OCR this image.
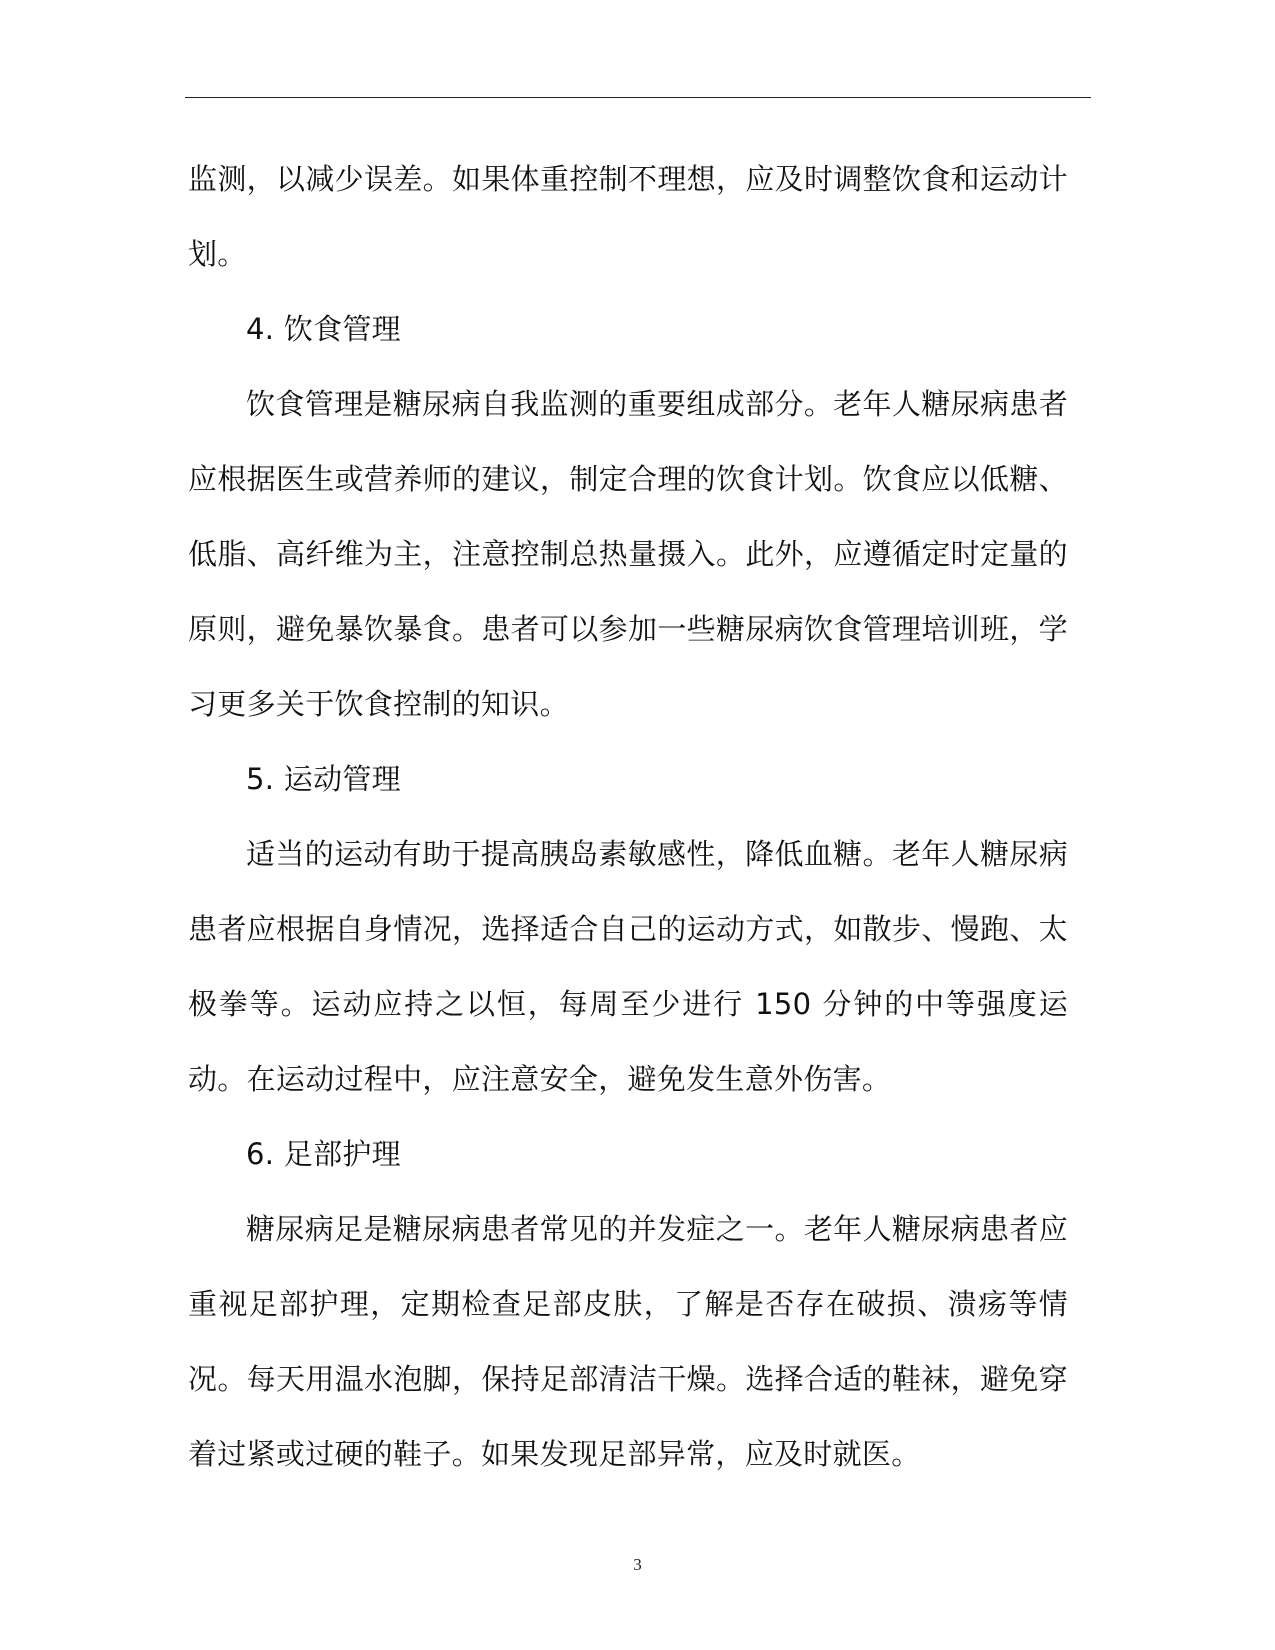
监测，以减少误差。如果体重控制不理想，应及时调整饮食和运动计划。

4. 饮食管理

饮食管理是糖尿病自我监测的重要组成部分。老年人糖尿病患者应根据医生或营养师的建议，制定合理的饮食计划。饮食应以低糖、低脂、高纤维为主，注意控制总热量摄入。此外，应遵循定时定量的原则，避免暴饮暴食。患者可以参加一些糖尿病饮食管理培训班，学习更多关于饮食控制的知识。

5. 运动管理

适当的运动有助于提高胰岛素敏感性，降低血糖。老年人糖尿病患者应根据自身情况，选择适合自己的运动方式，如散步、慢跑、太极拳等。运动应持之以恒，每周至少进行 150 分钟的中等强度运动。在运动过程中，应注意安全，避免发生意外伤害。

6. 足部护理

糖尿病足是糖尿病患者常见的并发症之一。老年人糖尿病患者应重视足部护理，定期检查足部皮肤，了解是否存在破损、溃疡等情况。每天用温水泡脚，保持足部清洁干燥。选择合适的鞋袜，避免穿着过紧或过硬的鞋子。如果发现足部异常，应及时就医。

3
